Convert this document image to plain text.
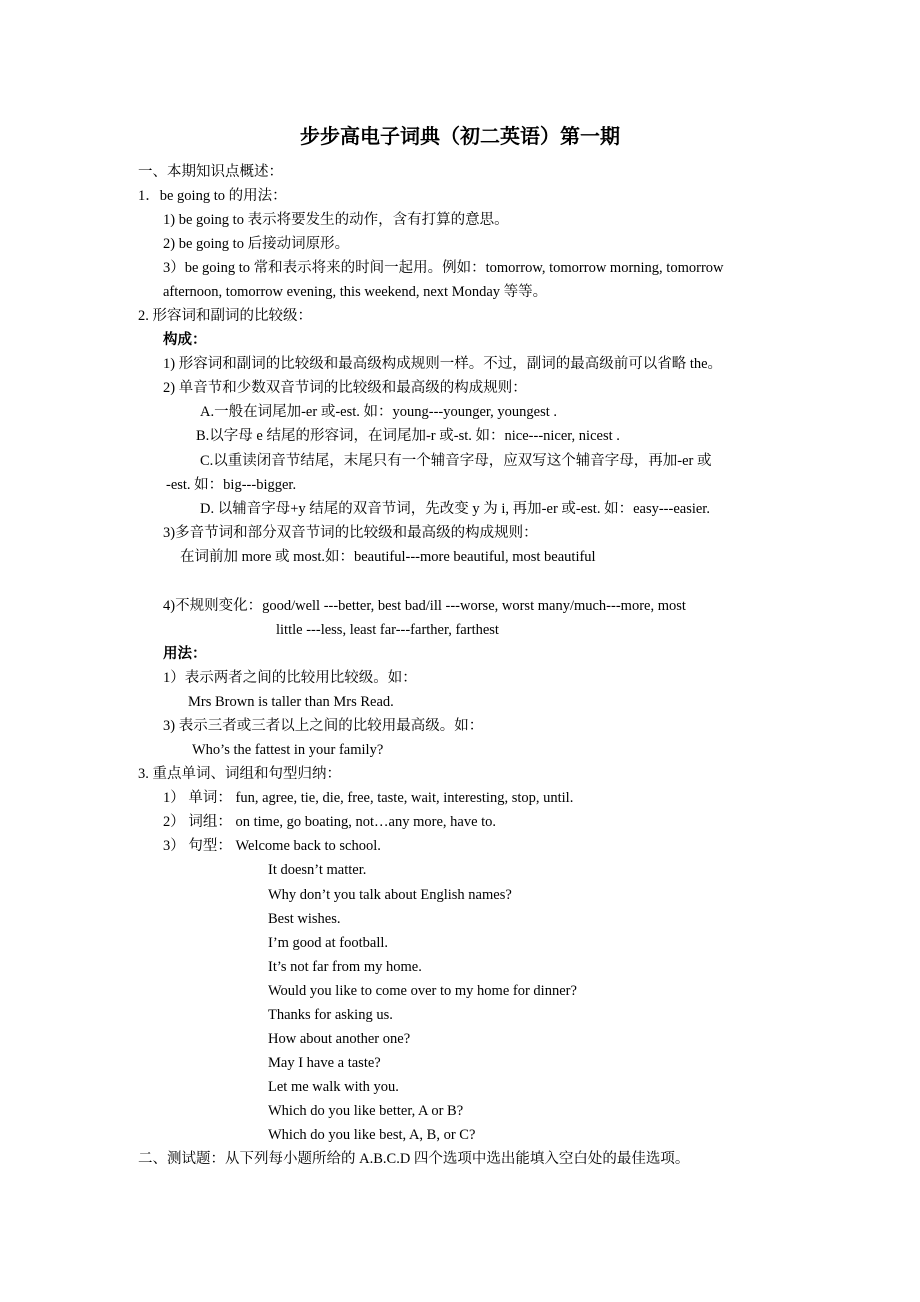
步步高电子词典（初二英语）第一期
一、本期知识点概述：
1．be going to 的用法：
1) be going to 表示将要发生的动作，含有打算的意思。
2) be going to 后接动词原形。
3）be going to 常和表示将来的时间一起用。例如：tomorrow, tomorrow morning, tomorrow
afternoon, tomorrow evening, this weekend, next Monday 等等。
2. 形容词和副词的比较级：
构成：
1) 形容词和副词的比较级和最高级构成规则一样。不过，副词的最高级前可以省略 the。
2) 单音节和少数双音节词的比较级和最高级的构成规则：
A.一般在词尾加-er 或-est. 如：young---younger, youngest .
B.以字母 e 结尾的形容词，在词尾加-r 或-st. 如：nice---nicer, nicest .
C.以重读闭音节结尾，末尾只有一个辅音字母，应双写这个辅音字母，再加-er 或
-est. 如：big---bigger.
D. 以辅音字母+y 结尾的双音节词，先改变 y 为 i, 再加-er 或-est. 如：easy---easier.
3)多音节词和部分双音节词的比较级和最高级的构成规则：
在词前加 more 或 most.如：beautiful---more beautiful, most beautiful
4)不规则变化：good/well ---better, best bad/ill ---worse, worst many/much---more, most
little ---less, least far---farther, farthest
用法：
1）表示两者之间的比较用比较级。如：
Mrs Brown is taller than Mrs Read.
3) 表示三者或三者以上之间的比较用最高级。如：
Who’s the fattest in your family?
3. 重点单词、词组和句型归纳：
1） 单词： fun, agree, tie, die, free, taste, wait, interesting, stop, until.
2） 词组： on time, go boating, not…any more, have to.
3） 句型： Welcome back to school.
It doesn’t matter.
Why don’t you talk about English names?
Best wishes.
I’m good at football.
It’s not far from my home.
Would you like to come over to my home for dinner?
Thanks for asking us.
How about another one?
May I have a taste?
Let me walk with you.
Which do you like better, A or B?
Which do you like best, A, B, or C?
二、测试题：从下列每小题所给的 A.B.C.D 四个选项中选出能填入空白处的最佳选项。
